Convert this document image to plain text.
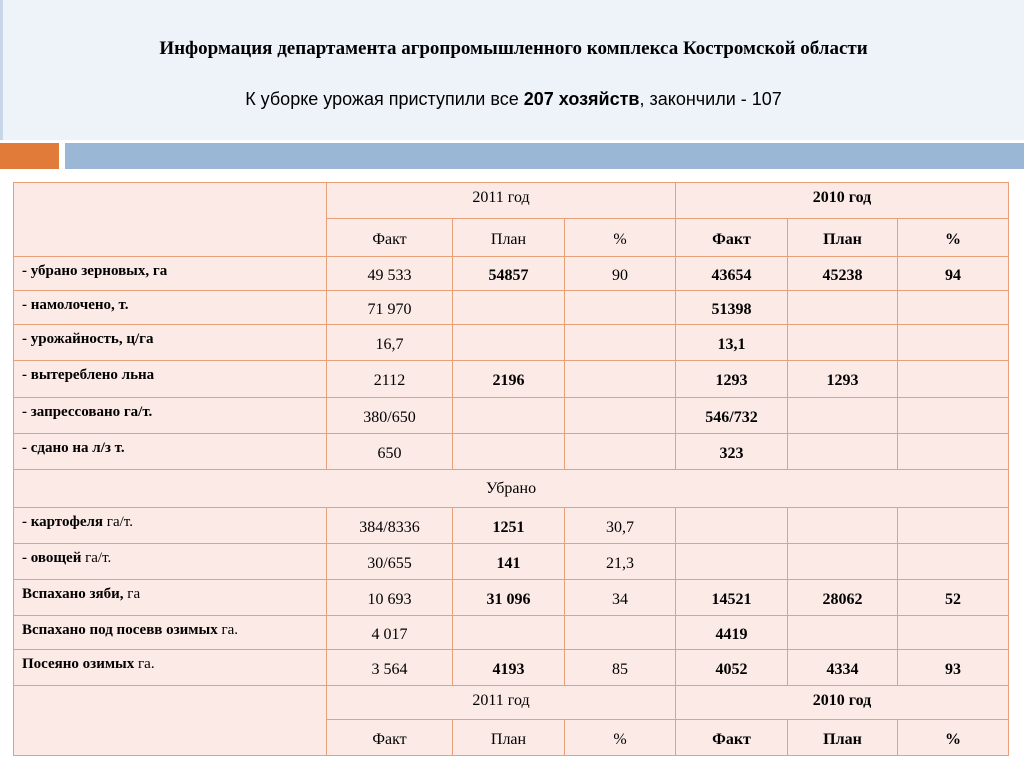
Информация департамента агропромышленного комплекса Костромской области
К уборке урожая приступили все 207 хозяйств, закончили - 107
	2011 год			2010 год		
	Факт	План	%	Факт	План	%
- убрано зерновых, га	49 533	54857	90	43654	45238	94
- намолочено, т.	71 970			51398		
- урожайность, ц/га	16,7			13,1		
- вытереблено льна	2112	2196		1293	1293	
- запрессовано га/т.	380/650			546/732		
- сдано на л/з т.	650			323		
Убрано						
- картофеля га/т.	384/8336	1251	30,7			
- овощей га/т.	30/655	141	21,3			
Вспахано зяби, га	10 693	31 096	34	14521	28062	52
Вспахано под посевв озимых га.	4 017			4419		
Посеяно озимых га.	3 564	4193	85	4052	4334	93
	2011 год			2010 год		
	Факт	План	%	Факт	План	%
